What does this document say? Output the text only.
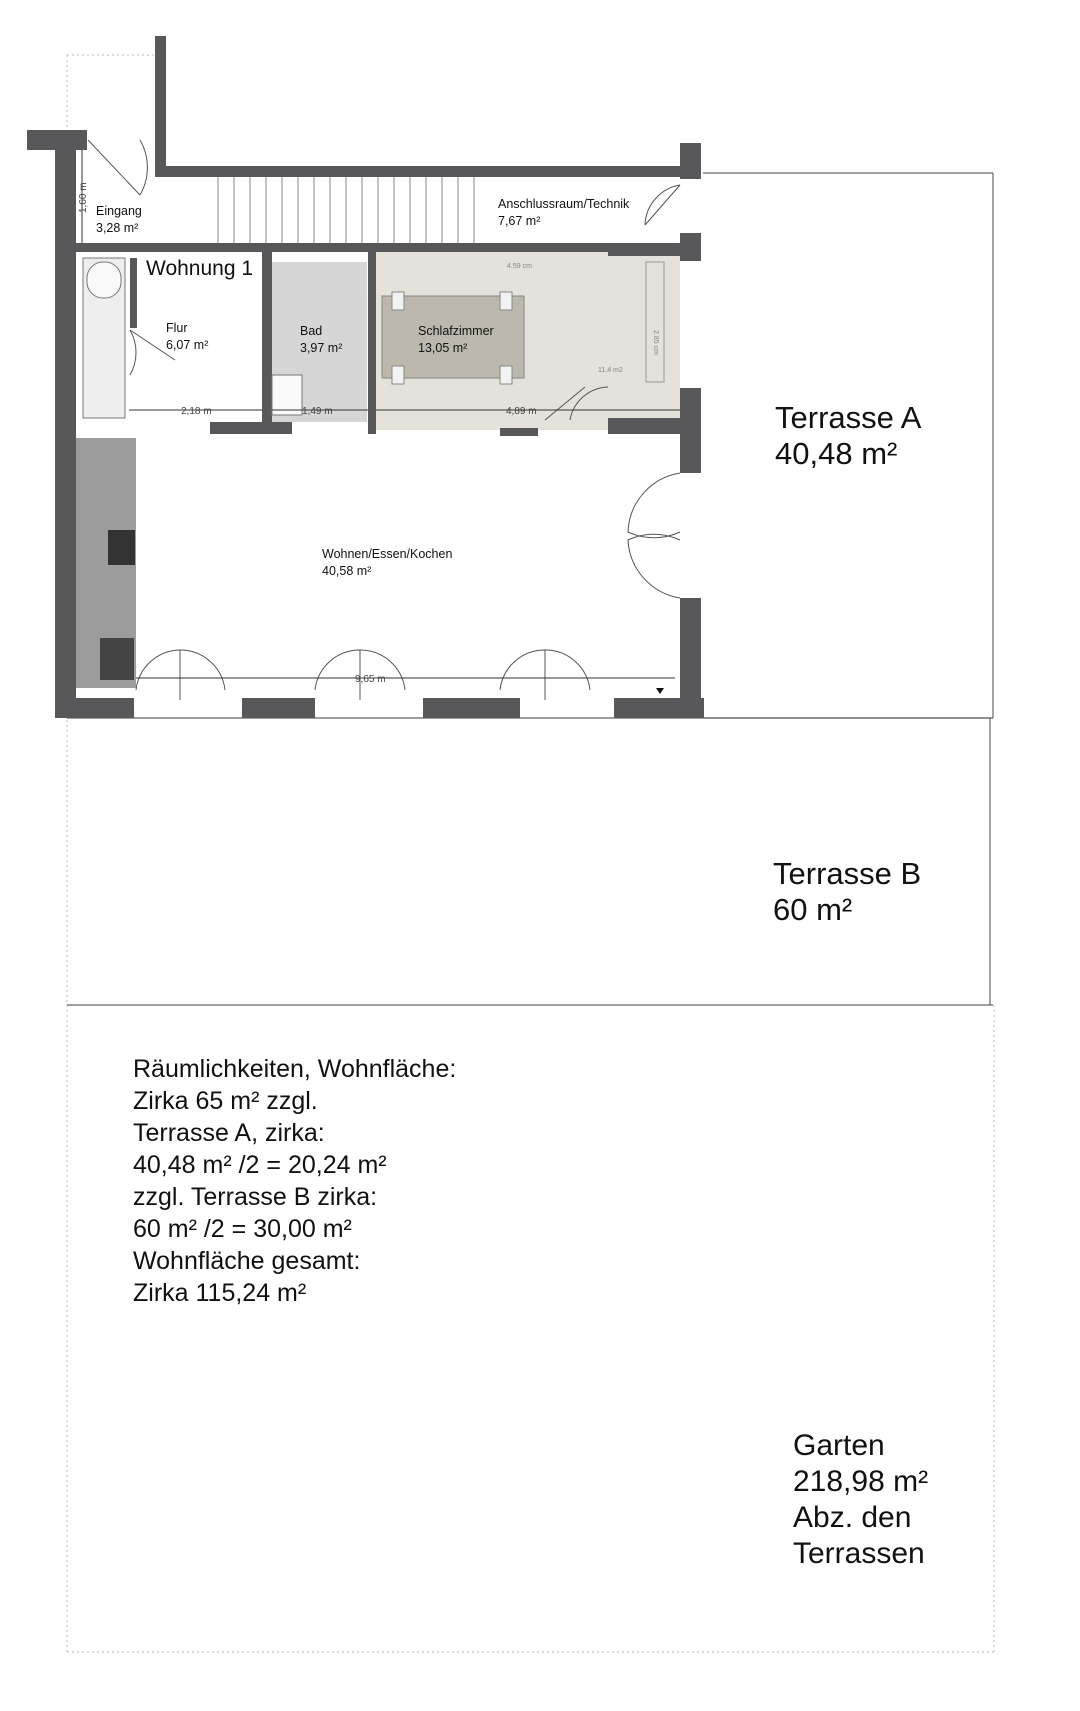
Wohnung 1
Eingang
3,28 m²
Anschlussraum/Technik
7,67 m²
Flur
6,07 m²
Bad
3,97 m²
Schlafzimmer
13,05 m²
Wohnen/Essen/Kochen
40,58 m²
Terrasse A
40,48 m²
Terrasse B
60 m²
1,60 m
2,18 m	1,49 m	4,89 m
9,65 m
4.59 cm
2.85 cm
11.4 m2
Räumlichkeiten, Wohnfläche:
Zirka 65 m² zzgl.
Terrasse A, zirka:
40,48 m² /2 = 20,24 m²
zzgl. Terrasse B zirka:
60 m² /2 = 30,00 m²
Wohnfläche gesamt:
Zirka 115,24 m²
Garten
218,98 m²
Abz. den
Terrassen
